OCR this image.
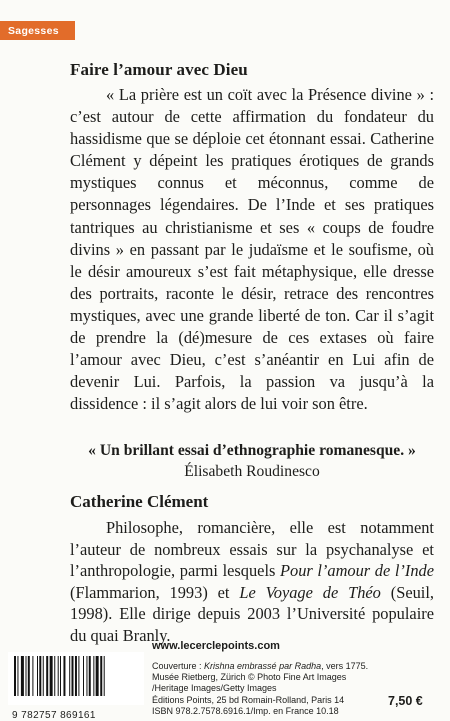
Sagesses
Faire l’amour avec Dieu

« La prière est un coït avec la Présence divine » : c’est autour de cette affirmation du fondateur du hassidisme que se déploie cet étonnant essai. Catherine Clément y dépeint les pratiques érotiques de grands mystiques connus et méconnus, comme de personnages légendaires. De l’Inde et ses pratiques tantriques au christianisme et ses « coups de foudre divins » en passant par le judaïsme et le soufisme, où le désir amoureux s’est fait métaphysique, elle dresse des portraits, raconte le désir, retrace des rencontres mystiques, avec une grande liberté de ton. Car il s’agit de prendre la (dé)mesure de ces extases où faire l’amour avec Dieu, c’est s’anéantir en Lui afin de devenir Lui. Parfois, la passion va jusqu’à la dissidence : il s’agit alors de lui voir son être.

« Un brillant essai d’ethnographie romanesque. »
Élisabeth Roudinesco
Catherine Clément

Philosophe, romancière, elle est notamment l’auteur de nombreux essais sur la psychanalyse et l’anthropologie, parmi lesquels Pour l’amour de l’Inde (Flammarion, 1993) et Le Voyage de Théo (Seuil, 1998). Elle dirige depuis 2003 l’Université populaire du quai Branly.

9 782757 869161
www.lecerclepoints.com
Couverture : Krishna embrassé par Radha, vers 1775.
Musée Rietberg, Zürich © Photo Fine Art Images
/Heritage Images/Getty Images
Éditions Points, 25 bd Romain-Rolland, Paris 14
ISBN 978.2.7578.6916.1/Imp. en France 10.18
7,50 €
